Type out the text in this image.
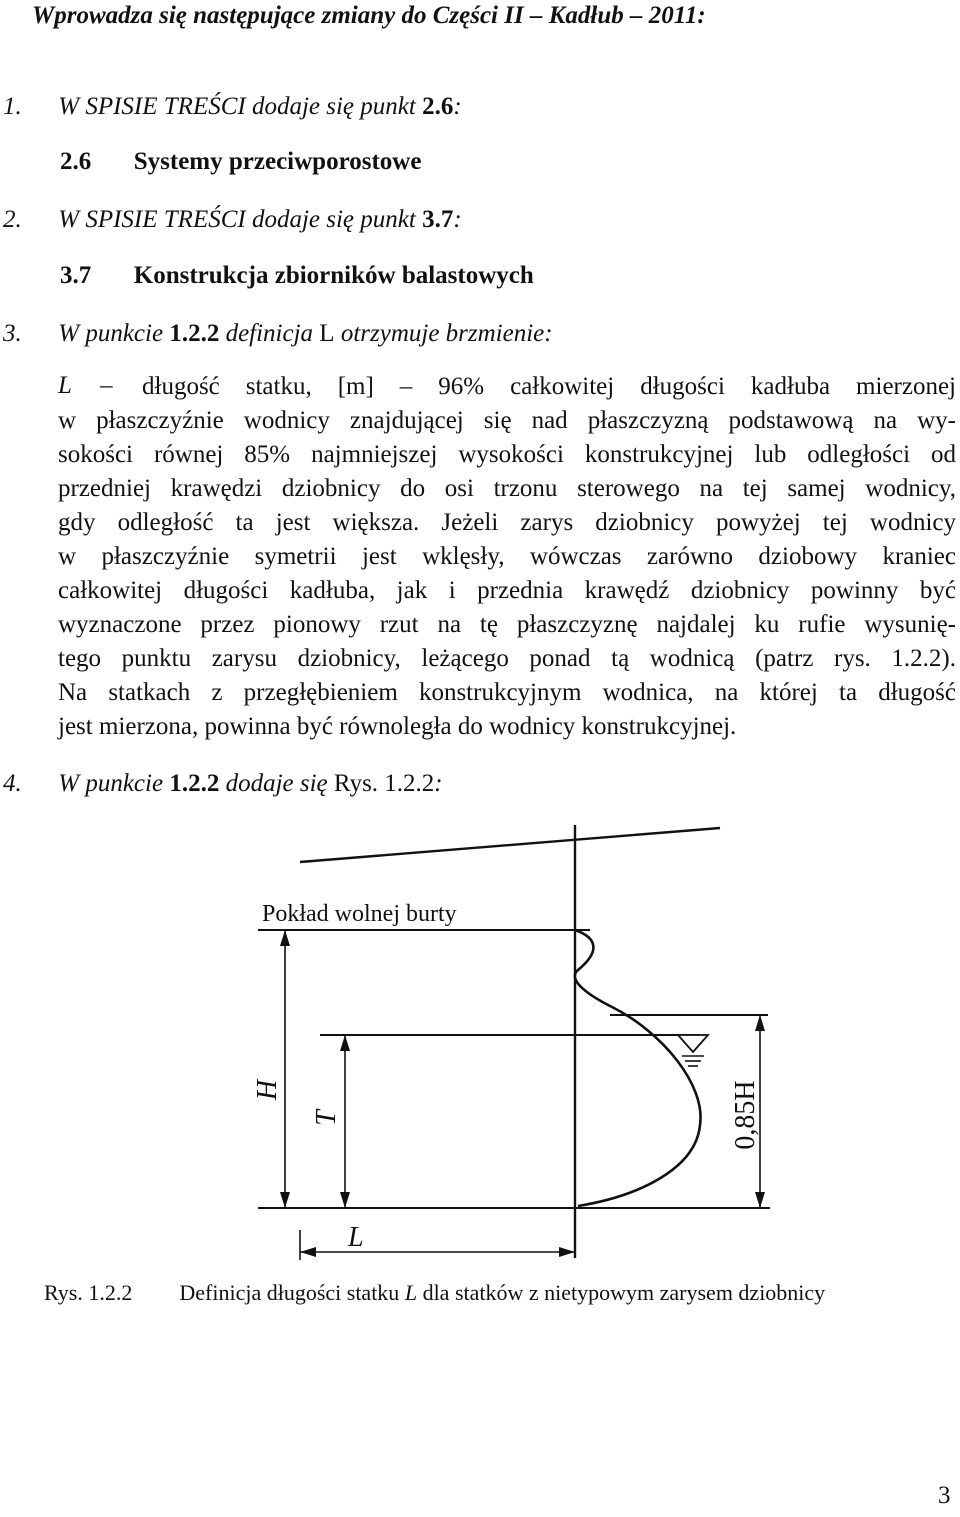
Wprowadza się następujące zmiany do Części II – Kadłub – 2011:
1. W SPISIE TREŚCI dodaje się punkt 2.6:
2.6 Systemy przeciwporostowe
2. W SPISIE TREŚCI dodaje się punkt 3.7:
3.7 Konstrukcja zbiorników balastowych
3. W punkcie 1.2.2 definicja L otrzymuje brzmienie:
L – długość statku, [m] – 96% całkowitej długości kadłuba mierzonej
w płaszczyźnie wodnicy znajdującej się nad płaszczyzną podstawową na wy-
sokości równej 85% najmniejszej wysokości konstrukcyjnej lub odległości od
przedniej krawędzi dziobnicy do osi trzonu sterowego na tej samej wodnicy,
gdy odległość ta jest większa. Jeżeli zarys dziobnicy powyżej tej wodnicy
w płaszczyźnie symetrii jest wklęsły, wówczas zarówno dziobowy kraniec
całkowitej długości kadłuba, jak i przednia krawędź dziobnicy powinny być
wyznaczone przez pionowy rzut na tę płaszczyznę najdalej ku rufie wysunię-
tego punktu zarysu dziobnicy, leżącego ponad tą wodnicą (patrz rys. 1.2.2).
Na statkach z przegłębieniem konstrukcyjnym wodnica, na której ta długość
jest mierzona, powinna być równoległa do wodnicy konstrukcyjnej.
4. W punkcie 1.2.2 dodaje się Rys. 1.2.2:
Pokład wolnej burty
H
T	0,85H
L
Rys. 1.2.2 Definicja długości statku L dla statków z nietypowym zarysem dziobnicy
3
